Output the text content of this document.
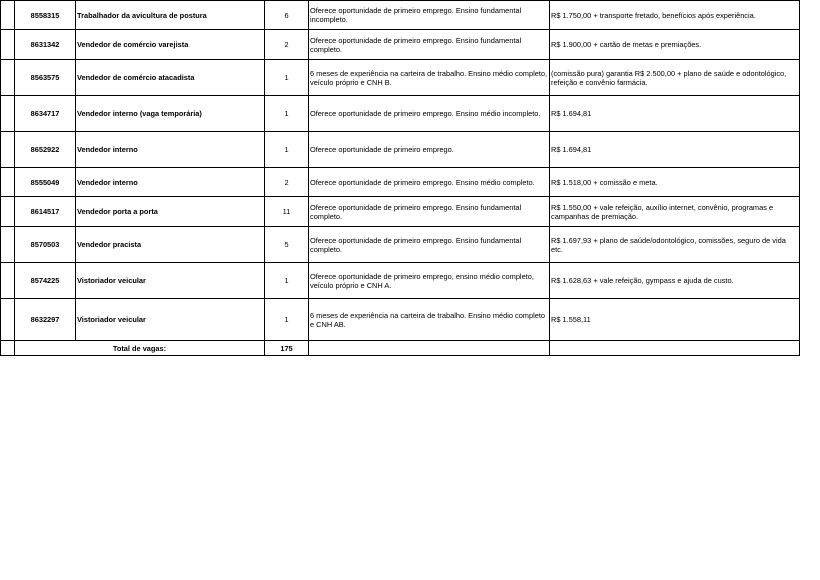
	8558315	Trabalhador da avicultura de postura	6	Oferece oportunidade de primeiro emprego. Ensino fundamental incompleto.	R$ 1.750,00 + transporte fretado, benefícios após experiência.
	8631342	Vendedor de comércio varejista	2	Oferece oportunidade de primeiro emprego. Ensino fundamental completo.	R$ 1.900,00 + cartão de metas e premiações.
	8563575	Vendedor de comércio atacadista	1	6 meses de experiência na carteira de trabalho. Ensino médio completo, veículo próprio e CNH B.	(comissão pura) garantia R$ 2.500,00 + plano de saúde e odontológico, refeição e convênio farmácia.
	8634717	Vendedor interno (vaga temporária)	1	Oferece oportunidade de primeiro emprego. Ensino médio incompleto.	R$ 1.694,81
	8652922	Vendedor interno	1	Oferece oportunidade de primeiro emprego.	R$ 1.694,81
	8555049	Vendedor interno	2	Oferece oportunidade de primeiro emprego. Ensino médio completo.	R$ 1.518,00 + comissão e meta.
	8614517	Vendedor porta a porta	11	Oferece oportunidade de primeiro emprego. Ensino fundamental completo.	R$ 1.550,00 + vale refeição, auxílio internet, convênio, programas e campanhas de premiação.
	8570503	Vendedor pracista	5	Oferece oportunidade de primeiro emprego. Ensino fundamental completo.	R$ 1.697,93 + plano de saúde/odontológico, comissões, seguro de vida etc.
	8574225	Vistoriador veicular	1	Oferece oportunidade de primeiro emprego, ensino médio completo, veículo próprio e CNH A.	R$ 1.628,63 + vale refeição, gympass e ajuda de custo.
	8632297	Vistoriador veicular	1	6 meses de experiência na carteira de trabalho. Ensino médio completo e CNH AB.	R$ 1.558,11
	Total de vagas:		175		
